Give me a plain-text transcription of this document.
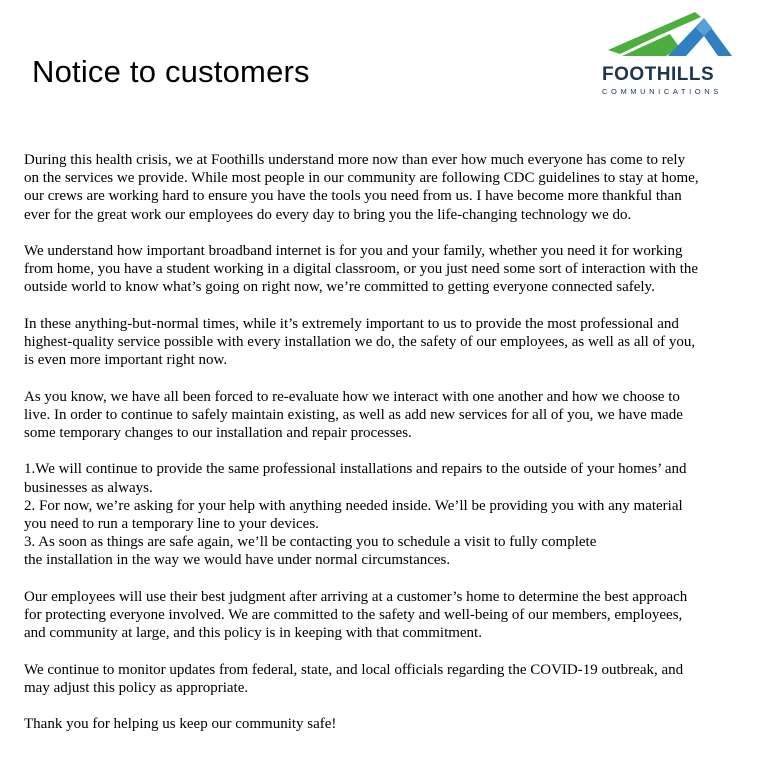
Notice to customers	FOOTHILLS
COMMUNICATIONS

During this health crisis, we at Foothills understand more now than ever how much everyone has come to rely
on the services we provide. While most people in our community are following CDC guidelines to stay at home,
our crews are working hard to ensure you have the tools you need from us. I have become more thankful than
ever for the great work our employees do every day to bring you the life-changing technology we do.

We understand how important broadband internet is for you and your family, whether you need it for working
from home, you have a student working in a digital classroom, or you just need some sort of interaction with the
outside world to know what’s going on right now, we’re committed to getting everyone connected safely.

In these anything-but-normal times, while it’s extremely important to us to provide the most professional and
highest-quality service possible with every installation we do, the safety of our employees, as well as all of you,
is even more important right now.

As you know, we have all been forced to re-evaluate how we interact with one another and how we choose to
live. In order to continue to safely maintain existing, as well as add new services for all of you, we have made
some temporary changes to our installation and repair processes.

1.We will continue to provide the same professional installations and repairs to the outside of your homes’ and
businesses as always.
2. For now, we’re asking for your help with anything needed inside. We’ll be providing you with any material
you need to run a temporary line to your devices.
3. As soon as things are safe again, we’ll be contacting you to schedule a visit to fully complete
the installation in the way we would have under normal circumstances.

Our employees will use their best judgment after arriving at a customer’s home to determine the best approach
for protecting everyone involved. We are committed to the safety and well-being of our members, employees,
and community at large, and this policy is in keeping with that commitment.

We continue to monitor updates from federal, state, and local officials regarding the COVID-19 outbreak, and
may adjust this policy as appropriate.

Thank you for helping us keep our community safe!
